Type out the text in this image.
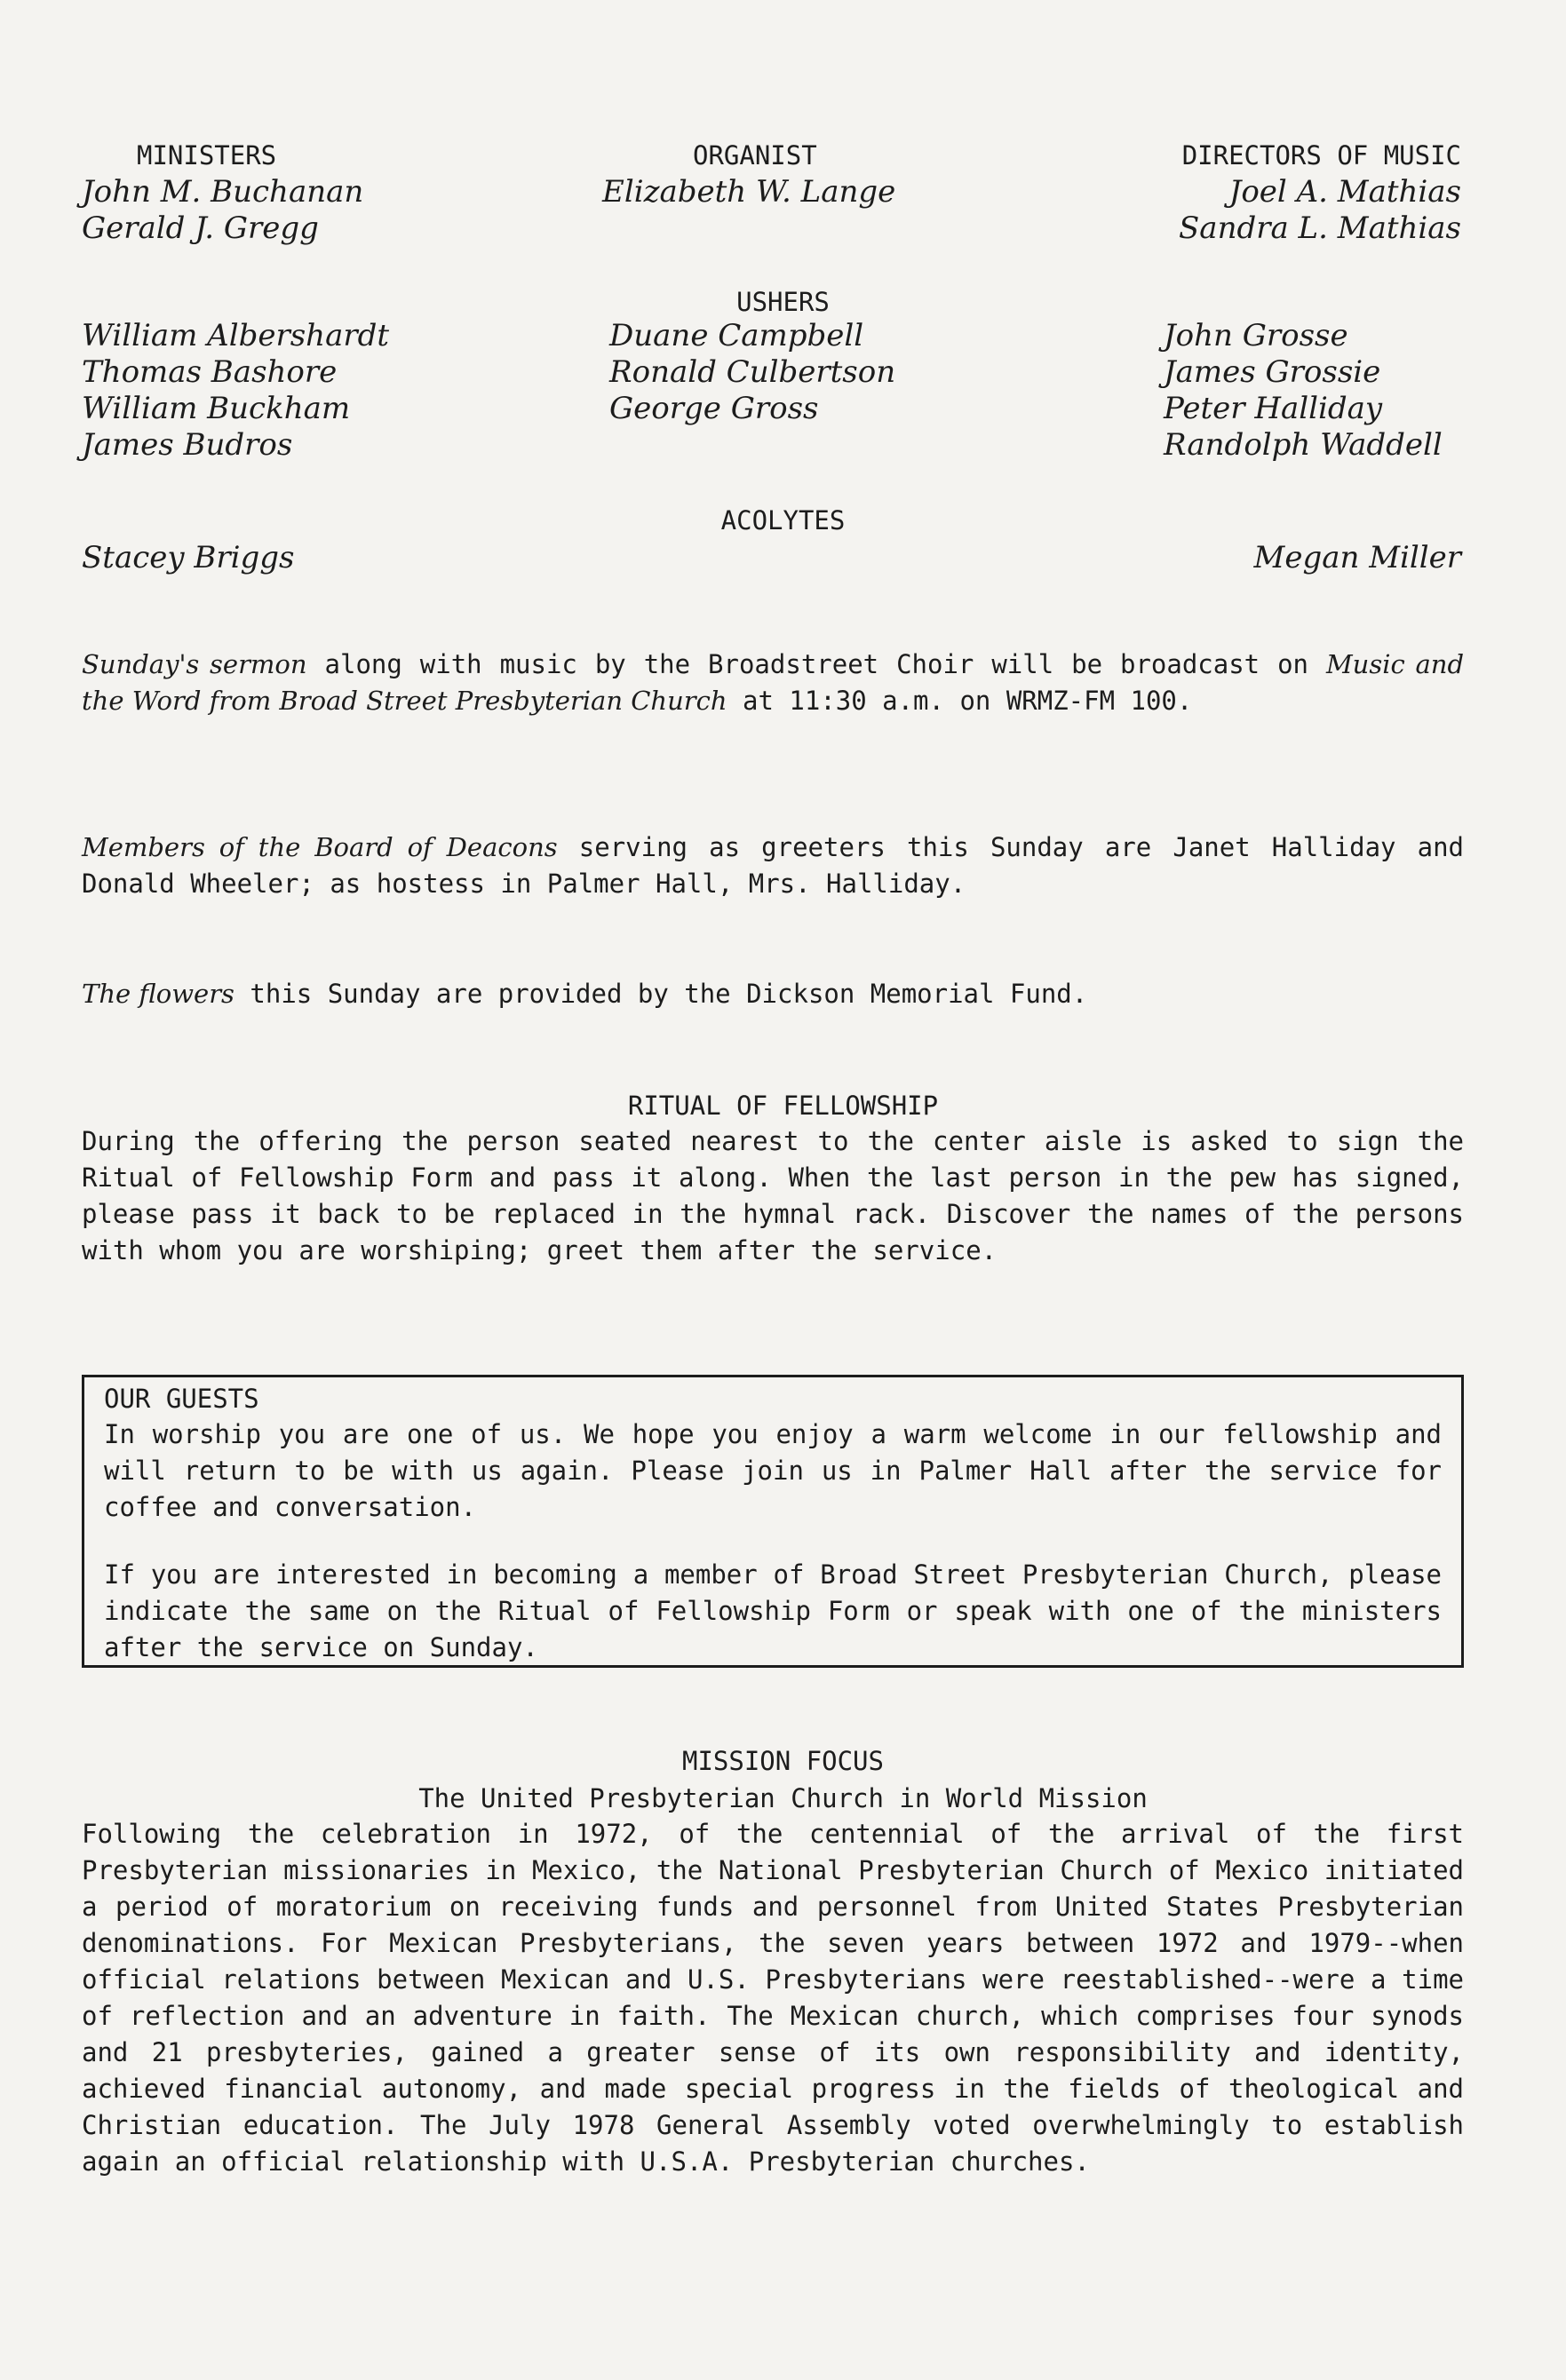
MINISTERS
John M. Buchanan
Gerald J. Gregg
ORGANIST
Elizabeth W. Lange
DIRECTORS OF MUSIC
Joel A. Mathias
Sandra L. Mathias
USHERS
William Albershardt
Thomas Bashore
William Buckham
James Budros
Duane Campbell
Ronald Culbertson
George Gross
John Grosse
James Grossie
Peter Halliday
Randolph Waddell
ACOLYTES
Stacey Briggs	Megan Miller
Sunday's sermon along with music by the Broadstreet Choir will be broadcast on Music and the Word from Broad Street Presbyterian Church at 11:30 a.m. on WRMZ-FM 100.
Members of the Board of Deacons serving as greeters this Sunday are Janet Halliday and Donald Wheeler; as hostess in Palmer Hall, Mrs. Halliday.
The flowers this Sunday are provided by the Dickson Memorial Fund.
RITUAL OF FELLOWSHIP
During the offering the person seated nearest to the center aisle is asked to sign the Ritual of Fellowship Form and pass it along. When the last person in the pew has signed, please pass it back to be replaced in the hymnal rack. Discover the names of the persons with whom you are worshiping; greet them after the service.
OUR GUESTS
In worship you are one of us. We hope you enjoy a warm welcome in our fellowship and will return to be with us again. Please join us in Palmer Hall after the service for coffee and conversation.
If you are interested in becoming a member of Broad Street Presbyterian Church, please indicate the same on the Ritual of Fellowship Form or speak with one of the ministers after the service on Sunday.
MISSION FOCUS
The United Presbyterian Church in World Mission
Following the celebration in 1972, of the centennial of the arrival of the first Presbyterian missionaries in Mexico, the National Presbyterian Church of Mexico initiated a period of moratorium on receiving funds and personnel from United States Presbyterian denominations. For Mexican Presbyterians, the seven years between 1972 and 1979--when official relations between Mexican and U.S. Presbyterians were reestablished--were a time of reflection and an adventure in faith. The Mexican church, which comprises four synods and 21 presbyteries, gained a greater sense of its own responsibility and identity, achieved financial autonomy, and made special progress in the fields of theological and Christian education. The July 1978 General Assembly voted overwhelmingly to establish again an official relationship with U.S.A. Presbyterian churches.
